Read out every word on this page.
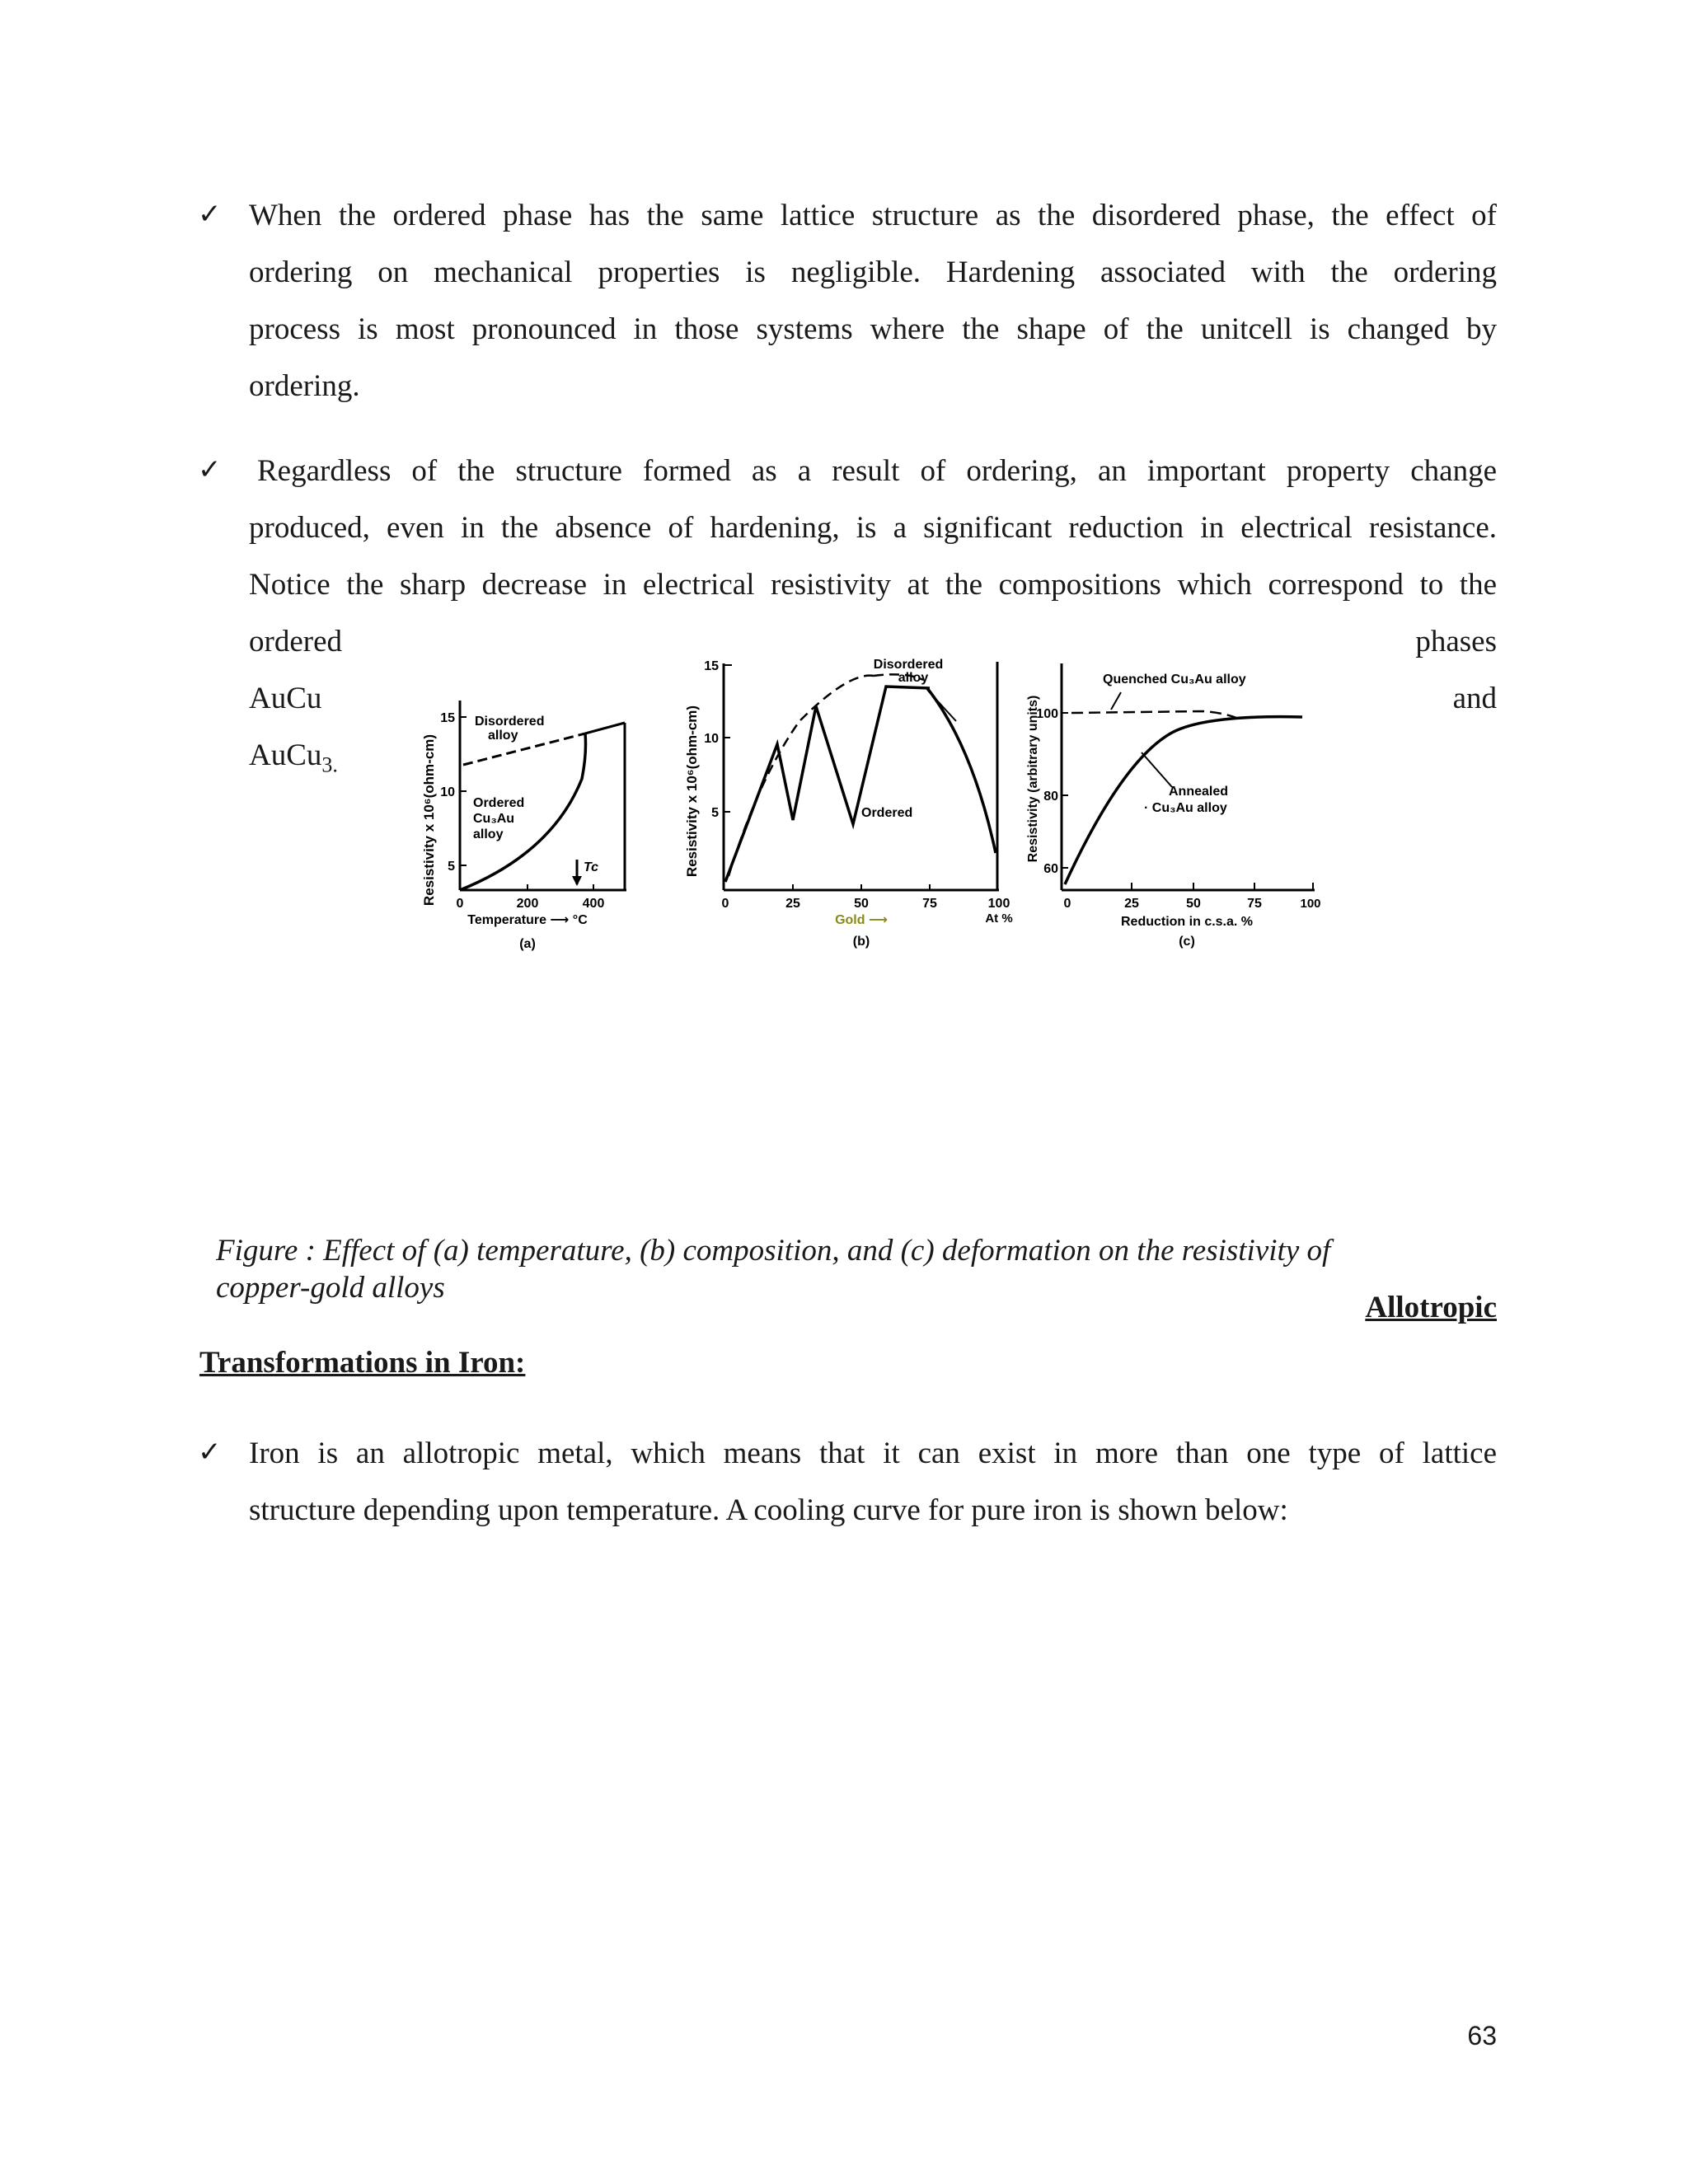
✓ When the ordered phase has the same lattice structure as the disordered phase, the effect of
ordering on mechanical properties is negligible. Hardening associated with the ordering
process is most pronounced in those systems where the shape of the unitcell is changed by
ordering.
✓ Regardless of the structure formed as a result of ordering, an important property change
produced, even in the absence of hardening, is a significant reduction in electrical resistance.
Notice the sharp decrease in electrical resistivity at the compositions which correspond to the
ordered	phases
AuCu	and
AuCu$_{3.}$	Resistivity x 10⁶(ohm-cm)
15
10
5
0	200	400
Temperature ⟶ °C
(a)
Disordered
alloy
Ordered
Cu₃Au
alloy
Tc	Resistivity x 10⁶(ohm-cm)
15
10
5
0	25	50	75	100
Gold ⟶	At %
(b)
Disordered
alloy
Ordered	Resistivity (arbitrary units)
100
80
60
0	25	50	75	100
Reduction in c.s.a. %
(c)
Quenched Cu₃Au alloy
Annealed
· Cu₃Au alloy
Figure : Effect of (a) temperature, (b) composition, and (c) deformation on the resistivity of
copper-gold alloys
Allotropic
Transformations in Iron:
✓ Iron is an allotropic metal, which means that it can exist in more than one type of lattice
structure depending upon temperature. A cooling curve for pure iron is shown below:
63
